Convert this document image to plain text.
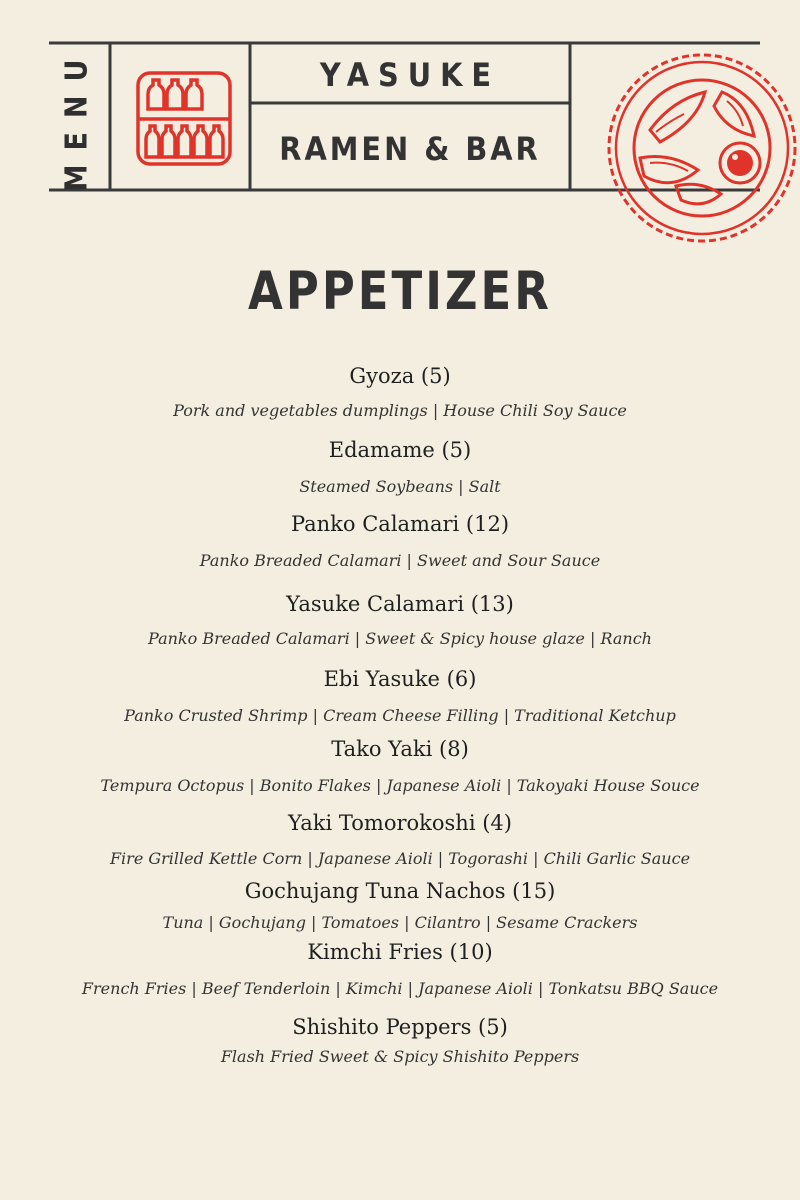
MENU	YASUKE
RAMEN & BAR
APPETIZER
Gyoza (5)
Pork and vegetables dumplings | House Chili Soy Sauce
Edamame (5)
Steamed Soybeans | Salt
Panko Calamari (12)
Panko Breaded Calamari | Sweet and Sour Sauce
Yasuke Calamari (13)
Panko Breaded Calamari | Sweet & Spicy house glaze | Ranch
Ebi Yasuke (6)
Panko Crusted Shrimp | Cream Cheese Filling | Traditional Ketchup
Tako Yaki (8)
Tempura Octopus | Bonito Flakes | Japanese Aioli | Takoyaki House Souce
Yaki Tomorokoshi (4)
Fire Grilled Kettle Corn | Japanese Aioli | Togorashi | Chili Garlic Sauce
Gochujang Tuna Nachos (15)
Tuna | Gochujang | Tomatoes | Cilantro | Sesame Crackers
Kimchi Fries (10)
French Fries | Beef Tenderloin | Kimchi | Japanese Aioli | Tonkatsu BBQ Sauce
Shishito Peppers (5)
Flash Fried Sweet & Spicy Shishito Peppers
